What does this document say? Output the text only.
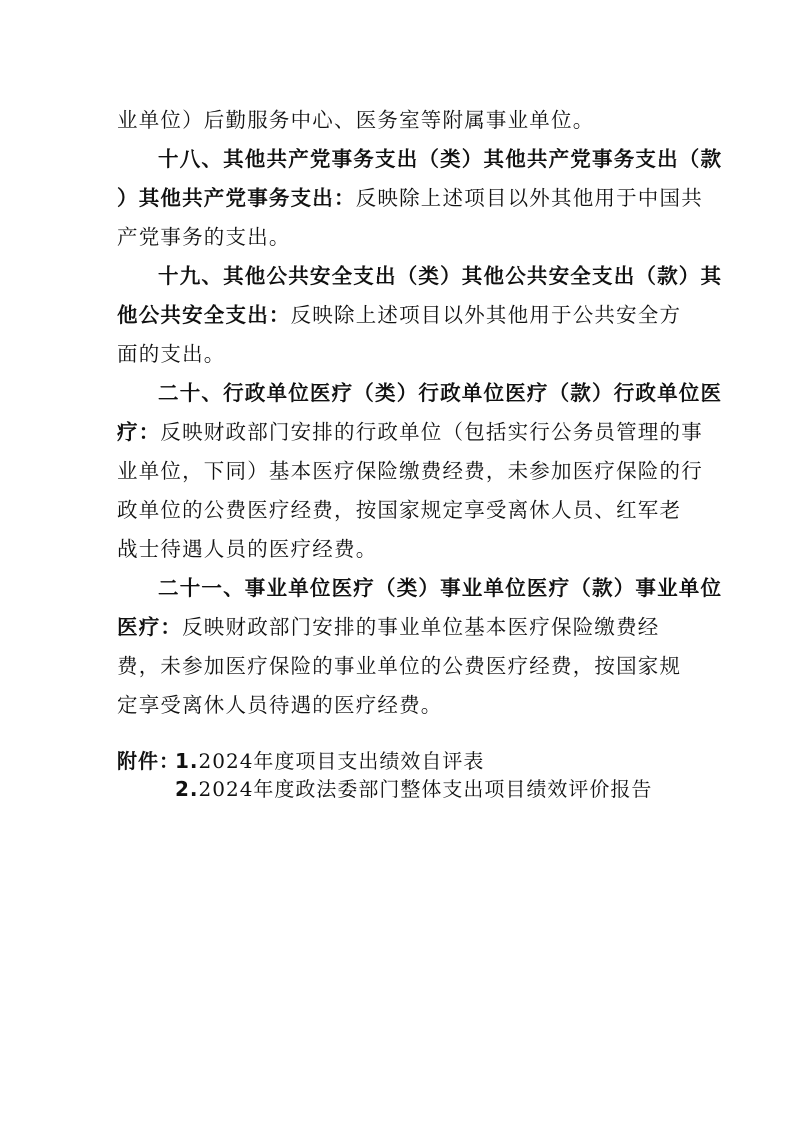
业单位）后勤服务中心、医务室等附属事业单位。
十八、其他共产党事务支出（类）其他共产党事务支出（款
）其他共产党事务支出：反映除上述项目以外其他用于中国共
产党事务的支出。
十九、其他公共安全支出（类）其他公共安全支出（款）其
他公共安全支出：反映除上述项目以外其他用于公共安全方
面的支出。
二十、行政单位医疗（类）行政单位医疗（款）行政单位医
疗：反映财政部门安排的行政单位（包括实行公务员管理的事
业单位，下同）基本医疗保险缴费经费，未参加医疗保险的行
政单位的公费医疗经费，按国家规定享受离休人员、红军老
战士待遇人员的医疗经费。
二十一、事业单位医疗（类）事业单位医疗（款）事业单位
医疗：反映财政部门安排的事业单位基本医疗保险缴费经
费，未参加医疗保险的事业单位的公费医疗经费，按国家规
定享受离休人员待遇的医疗经费。
附件：
1.2024年度项目支出绩效自评表
2.2024年度政法委部门整体支出项目绩效评价报告
